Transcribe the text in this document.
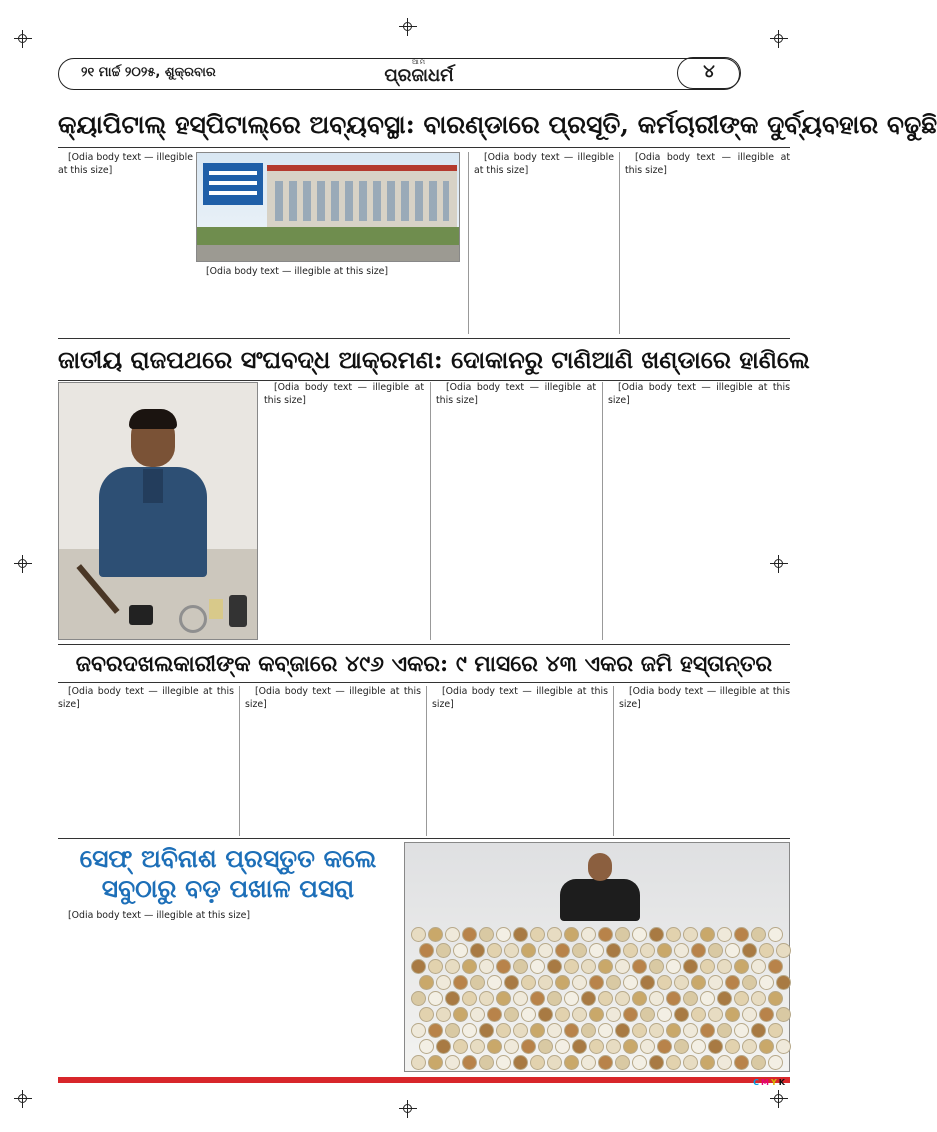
୨୧ ମାର୍ଚ୍ଚ ୨୦୨୫, ଶୁକ୍ରବାର
ଆମ
ପ୍ରଜାଧର୍ମ	୪
କ୍ୟାପିଟାଲ୍ ହସ୍ପିଟାଲ୍‌ରେ ଅବ୍ୟବସ୍ଥା: ବାରଣ୍ଡାରେ ପ୍ରସୂତି, କର୍ମଚାରୀଙ୍କ ଦୁର୍ବ୍ୟବହାର ବଢୁଛି

[Odia body text — illegible at this size]

[Odia body text — illegible at this size]

[Odia body text — illegible at this size]

[Odia body text — illegible at this size]

ଜାତୀୟ ରାଜପଥରେ ସଂଘବଦ୍ଧ ଆକ୍ରମଣ: ଦୋକାନରୁ ଟାଣିଆଣି ଖଣ୍ଡାରେ ହାଣିଲେ

[Odia body text — illegible at this size]

[Odia body text — illegible at this size]

[Odia body text — illegible at this size]

ଜବରଦଖଲକାରୀଙ୍କ କବ୍‌ଜାରେ ୪୯୬ ଏକର: ୯ ମାସରେ ୪୩ ଏକର ଜମି ହସ୍ତାନ୍ତର

[Odia body text — illegible at this size]

[Odia body text — illegible at this size]

[Odia body text — illegible at this size]

[Odia body text — illegible at this size]

ସେଫ୍ ଅବିନାଶ ପ୍ରସ୍ତୁତ କଲେ
ସବୁଠାରୁ ବଡ଼ ପଖାଳ ପସରା

[Odia body text — illegible at this size]

C M Y K
